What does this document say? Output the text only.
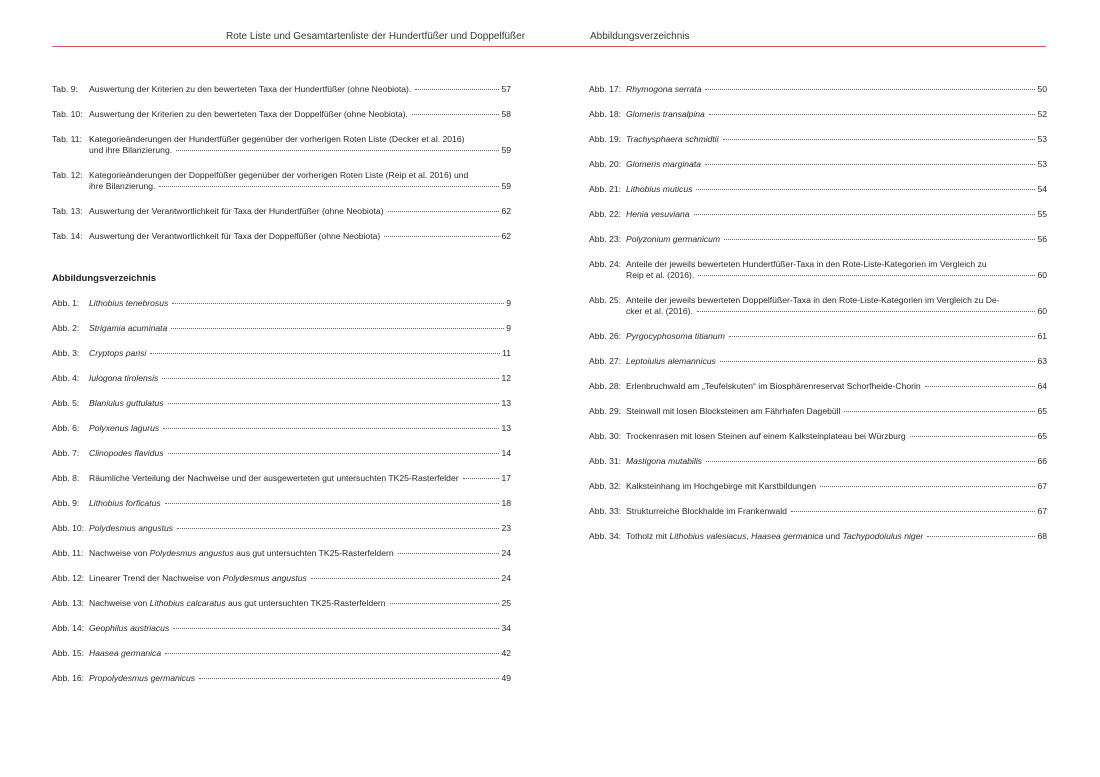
Rote Liste und Gesamtartenliste der Hundertfüßer und Doppelfüßer	Abbildungsverzeichnis
Tab. 9:	Auswertung der Kriterien zu den bewerteten Taxa der Hundertfüßer (ohne Neobiota).	57
Tab. 10: Auswertung der Kriterien zu den bewerteten Taxa der Doppelfüßer (ohne Neobiota).	58
Tab. 11: Kategorieänderungen der Hundertfüßer gegenüber der vorherigen Roten Liste (Decker et al. 2016)
und ihre Bilanzierung.	59
Tab. 12: Kategorieänderungen der Doppelfüßer gegenüber der vorherigen Roten Liste (Reip et al. 2016) und
ihre Bilanzierung.	59
Tab. 13: Auswertung der Verantwortlichkeit für Taxa der Hundertfüßer (ohne Neobiota)	62
Tab. 14: Auswertung der Verantwortlichkeit für Taxa der Doppelfüßer (ohne Neobiota)	62
Abbildungsverzeichnis
Abb. 1:	Lithobius tenebrosus	9
Abb. 2:	Strigamia acuminata	9
Abb. 3:	Cryptops parisi	11
Abb. 4:	Iulogona tirolensis	12
Abb. 5:	Blaniulus guttulatus	13
Abb. 6:	Polyxenus lagurus	13
Abb. 7:	Clinopodes flavidus	14
Abb. 8:	Räumliche Verteilung der Nachweise und der ausgewerteten gut untersuchten TK25-Rasterfelder	17
Abb. 9:	Lithobius forficatus	18
Abb. 10: Polydesmus angustus	23
Abb. 11: Nachweise von Polydesmus angustus aus gut untersuchten TK25-Rasterfeldern	24
Abb. 12: Linearer Trend der Nachweise von Polydesmus angustus	24
Abb. 13: Nachweise von Lithobius calcaratus aus gut untersuchten TK25-Rasterfeldern	25
Abb. 14: Geophilus austriacus	34
Abb. 15: Haasea germanica	42
Abb. 16: Propolydesmus germanicus	49
Abb. 17: Rhymogona serrata	50
Abb. 18: Glomeris transalpina	52
Abb. 19: Trachysphaera schmidtii	53
Abb. 20: Glomeris marginata	53
Abb. 21: Lithobius muticus	54
Abb. 22: Henia vesuviana	55
Abb. 23: Polyzonium germanicum	56
Abb. 24: Anteile der jeweils bewerteten Hundertfüßer-Taxa in den Rote-Liste-Kategorien im Vergleich zu
Reip et al. (2016).	60
Abb. 25: Anteile der jeweils bewerteten Doppelfüßer-Taxa in den Rote-Liste-Kategorien im Vergleich zu De-
cker et al. (2016).	60
Abb. 26: Pyrgocyphosoma titianum	61
Abb. 27: Leptoiulus alemannicus	63
Abb. 28: Erlenbruchwald am „Teufelskuten“ im Biosphärenreservat Schorfheide-Chorin	64
Abb. 29: Steinwall mit losen Blocksteinen am Fährhafen Dagebüll	65
Abb. 30: Trockenrasen mit losen Steinen auf einem Kalksteinplateau bei Würzburg	65
Abb. 31: Mastigona mutabilis	66
Abb. 32: Kalksteinhang im Hochgebirge mit Karstbildungen	67
Abb. 33: Strukturreiche Blockhalde im Frankenwald	67
Abb. 34: Totholz mit Lithobius valesiacus, Haasea germanica und Tachypodoiulus niger	68
